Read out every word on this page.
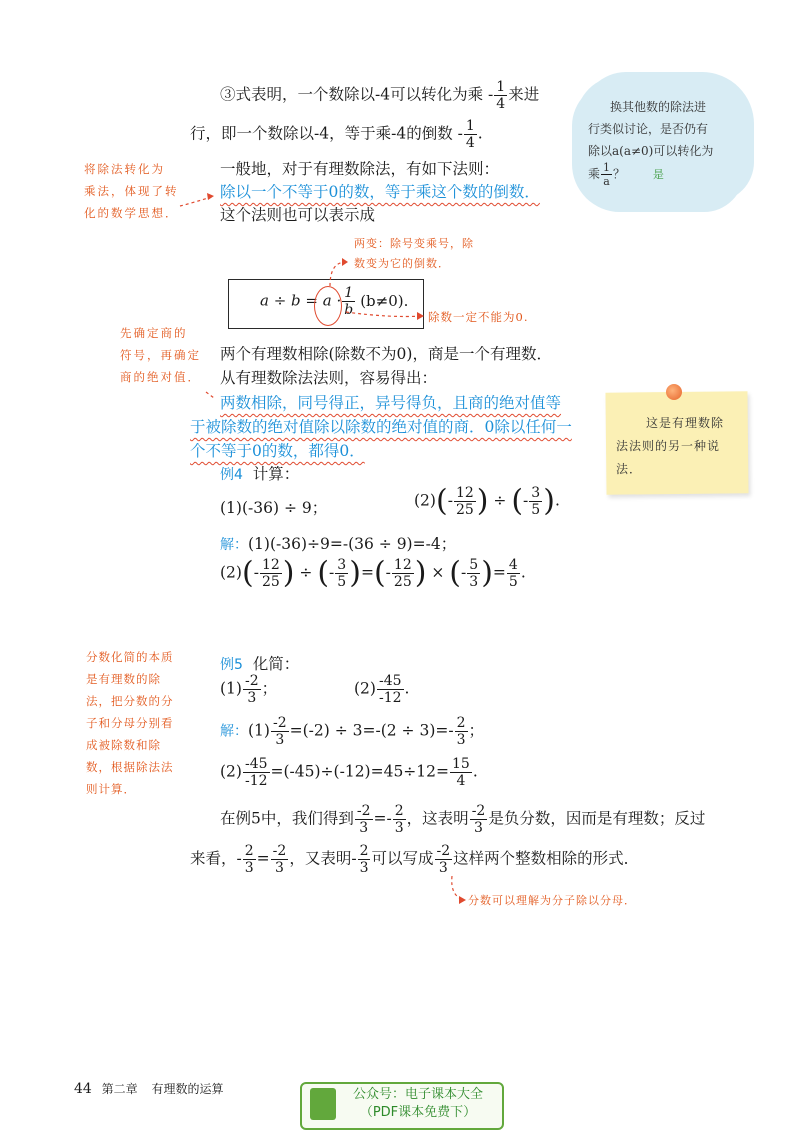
换其他数的除法进
行类似讨论，是否仍有
除以a(a≠0)可以转化为
乘 $\frac{1}{a}$ ？	是
③式表明，一个数除以-4可以转化为乘 - $\frac{1}{4}$ 来进
行，即一个数除以-4，等于乘-4的倒数 - $\frac{1}{4}$ .
一般地，对于有理数除法，有如下法则：
除以一个不等于0的数，等于乘这个数的倒数．
这个法则也可以表示成
将除法转化为
乘法，体现了转
化的数学思想．
两变：除号变乘号，除
数变为它的倒数．
$a \div b = a \cdot \frac{1}{b} (b\ne 0)$.
除数一定不能为0.
先确定商的
符号，再确定
商的绝对值．
两个有理数相除(除数不为0)，商是一个有理数．
从有理数除法法则，容易得出：
两数相除，同号得正，异号得负，且商的绝对值等
于被除数的绝对值除以除数的绝对值的商．0除以任何一
个不等于0的数，都得0．
这是有理数除
法法则的另一种说
法．
例4 计算：
(1)(-36) ÷ 9；	$(2)(- \frac{12}{25}$ ) ÷ (- $\frac{3}{5}$ ).
解：(1)(-36)÷9=-(36 ÷ 9)=-4；
$(2)(- \frac{12}{25}$ ) ÷ (- $\frac{3}{5}$ )=(- $\frac{12}{25}$ ) × (- $\frac{5}{3}$ )= $\frac{4}{5}$ .
分数化简的本质
是有理数的除
法，把分数的分
子和分母分别看
成被除数和除
数，根据除法法
则计算．
例5 化简：
$(1) \frac{-2}{3}$ ；	$(2) \frac{-45}{-12}$ .
解：$(1) \frac{-2}{3} =(-2) \div 3=-(2 \div 3)=- \frac{2}{3}$ ；
$(2) \frac{-45}{-12} =(-45)\div(-12)=45\div 12= \frac{15}{4}$ .
在例5中，我们得到 $\frac{-2}{3} =- \frac{2}{3}$ ，这表明 $\frac{-2}{3}$ 是负分数，因而是有理数；反过
来看，- $\frac{2}{3} = \frac{-2}{3}$ ，又表明- $\frac{2}{3}$ 可以写成 $\frac{-2}{3}$ 这样两个整数相除的形式．
分数可以理解为分子除以分母．
44 第二章 有理数的运算	公众号：电子课本大全
（PDF课本免费下）
